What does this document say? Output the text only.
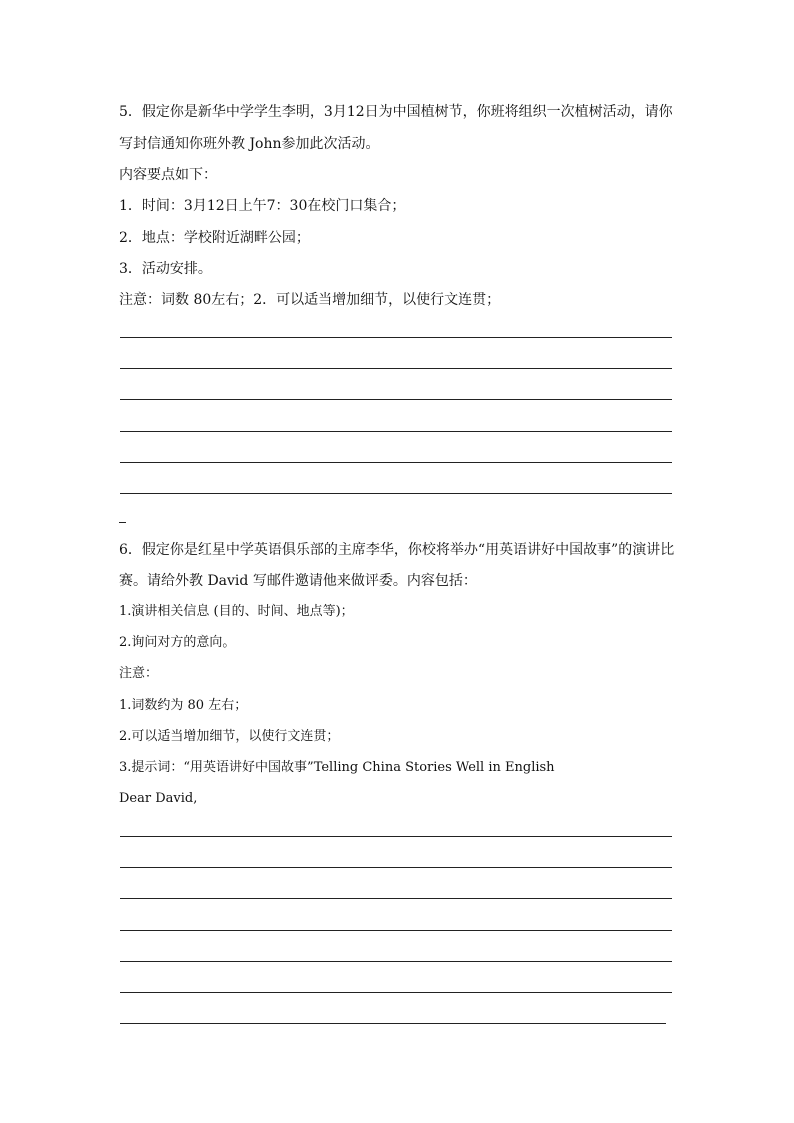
5．假定你是新华中学学生李明，3月12日为中国植树节，你班将组织一次植树活动，请你
写封信通知你班外教 John参加此次活动。
内容要点如下：
1．时间：3月12日上午7：30在校门口集合；
2．地点：学校附近湖畔公园；
3．活动安排。
注意：词数 80左右；2．可以适当增加细节，以使行文连贯；
6．假定你是红星中学英语俱乐部的主席李华，你校将举办“用英语讲好中国故事”的演讲比
赛。请给外教 David 写邮件邀请他来做评委。内容包括：
1.演讲相关信息 (目的、时间、地点等)；
2.询问对方的意向。
注意：
1.词数约为 80 左右；
2.可以适当增加细节，以使行文连贯；
3.提示词：“用英语讲好中国故事”Telling China Stories Well in English
Dear David,
